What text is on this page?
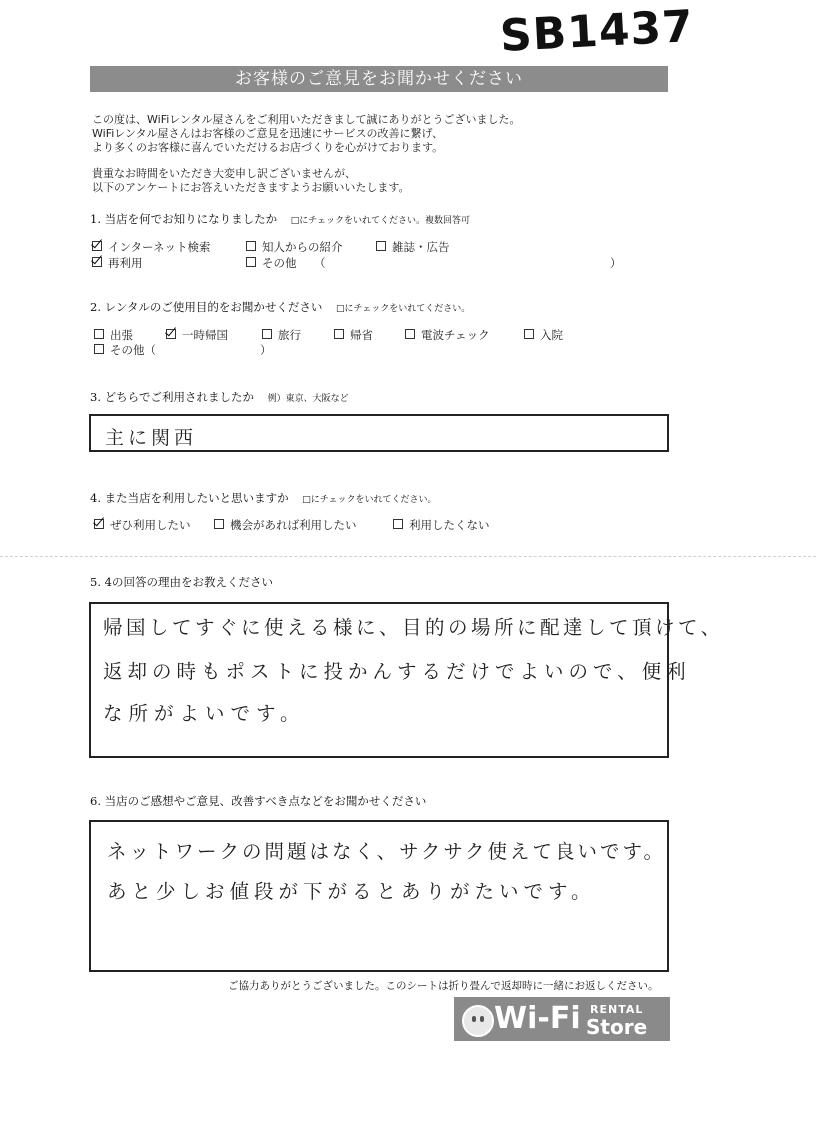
SB1437
お客様のご意見をお聞かせください
この度は、WiFiレンタル屋さんをご利用いただきまして誠にありがとうございました。
WiFiレンタル屋さんはお客様のご意見を迅速にサービスの改善に繋げ、
より多くのお客様に喜んでいただけるお店づくりを心がけております。
貴重なお時間をいただき大変申し訳ございませんが、
以下のアンケートにお答えいただきますようお願いいたします。
1. 当店を何でお知りになりましたか □にチェックをいれてください。複数回答可
インターネット検索	知人からの紹介	雑誌・広告
再利用	その他 （	）
2. レンタルのご使用目的をお聞かせください □にチェックをいれてください。
出張	一時帰国	旅行	帰省	電波チェック	入院
その他（	）
3. どちらでご利用されましたか 例）東京、大阪など
主に関西
4. また当店を利用したいと思いますか □にチェックをいれてください。
ぜひ利用したい	機会があれば利用したい	利用したくない
5. 4の回答の理由をお教えください
帰国してすぐに使える様に、目的の場所に配達して頂けて、
返却の時もポストに投かんするだけでよいので、便利
な所がよいです。
6. 当店のご感想やご意見、改善すべき点などをお聞かせください
ネットワークの問題はなく、サクサク使えて良いです。
あと少しお値段が下がるとありがたいです。
ご協力ありがとうございました。このシートは折り畳んで返却時に一緒にお返しください。
Wi-Fi RENTAL
Store
